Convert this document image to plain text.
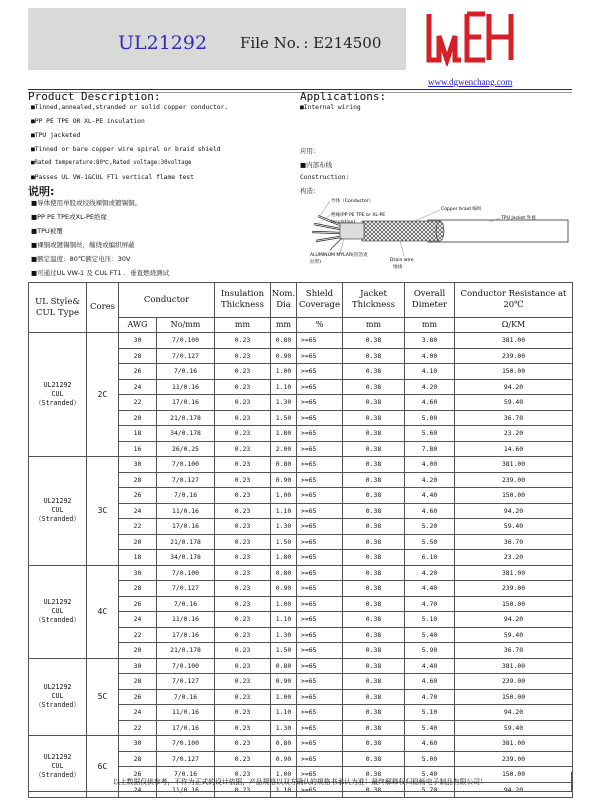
UL21292 File No.  : E214500
www.dgwenchang.com
Product Description:
■Tinned,annealed,stranded or solid copper conductor.
■PP PE TPE OR XL-PE insulation
■TPU jacketed
■Tinned or bare copper wire spiral or braid shield
■Rated temperature:80℃,Rated voltage:30voltage
■Passes UL VW-1&CUL FT1 vertical flame test
说明:
■导体使用单股或绞线裸铜或镀锡铜。
■PP PE TPE或XL-PE绝缘
■TPU被覆
■裸铜或镀锡铜丝，缠绕或编织屏蔽
■额定温度：80℃额定电压：30V
■可通过UL VW-1 及 CUL FT1 ．垂直燃烧测试
Applications:
■Internal wiring
应用：
■内部布线
Construction:
构造：
导体（Conductor）
绝缘(PP PE TPE or XL-PE
Insulation)
Copper braid 编织
TPU Jacket 外被
ALUMINUM MYLAR(铝箔麦
拉带)	Drain wire
地线
UL Style& CUL Type	Cores	Conductor		Insulation Thickness	Nom. Dia	Shield Coverage	Jacket Thickness	Overall Dimeter	Conductor Resistance at 20℃
		AWG	No/mm	mm	mm	%	mm	mm	Ω/KM

UL21292
CUL
（Stranded）	2C	30	7/0.100	0.23	0.80	>=65	0.38	3.80	381.00
		28	7/0.127	0.23	0.90	>=65	0.38	4.00	239.00
		26	7/0.16	0.23	1.00	>=65	0.38	4.10	150.00
		24	11/0.16	0.23	1.10	>=65	0.38	4.20	94.20
		22	17/0.16	0.23	1.30	>=65	0.38	4.60	59.40
		20	21/0.178	0.23	1.50	>=65	0.38	5.00	36.70
		18	34/0.178	0.23	1.80	>=65	0.38	5.60	23.20
		16	26/0.25	0.23	2.00	>=65	0.38	7.80	14.60

UL21292
CUL
（Stranded）	3C	30	7/0.100	0.23	0.80	>=65	0.38	4.00	381.00
		28	7/0.127	0.23	0.90	>=65	0.38	4.20	239.00
		26	7/0.16	0.23	1.00	>=65	0.38	4.40	150.00
		24	11/0.16	0.23	1.10	>=65	0.38	4.60	94.20
		22	17/0.16	0.23	1.30	>=65	0.38	5.20	59.40
		20	21/0.178	0.23	1.50	>=65	0.38	5.50	36.70
		18	34/0.178	0.23	1.80	>=65	0.38	6.10	23.20

UL21292
CUL
（Stranded）	4C	30	7/0.100	0.23	0.80	>=65	0.38	4.20	381.00
		28	7/0.127	0.23	0.90	>=65	0.38	4.40	239.00
		26	7/0.16	0.23	1.00	>=65	0.38	4.70	150.00
		24	11/0.16	0.23	1.10	>=65	0.38	5.10	94.20
		22	17/0.16	0.23	1.30	>=65	0.38	5.40	59.40
		20	21/0.178	0.23	1.50	>=65	0.38	5.90	36.70

UL21292
CUL
（Stranded）	5C	30	7/0.100	0.23	0.80	>=65	0.38	4.40	381.00
		28	7/0.127	0.23	0.90	>=65	0.38	4.60	239.00
		26	7/0.16	0.23	1.00	>=65	0.38	4.70	150.00
		24	11/0.16	0.23	1.10	>=65	0.38	5.10	94.20
		22	17/0.16	0.23	1.30	>=65	0.38	5.40	59.40

UL21292
CUL
（Stranded）	6C	30	7/0.100	0.23	0.80	>=65	0.38	4.60	381.00
		28	7/0.127	0.23	0.90	>=65	0.38	5.00	239.00
		26	7/0.16	0.23	1.00	>=65	0.38	5.40	150.00
		24	11/0.16	0.23	1.10	>=65	0.38	5.70	94.20
以上数据仅供参考，不作为正式的设计依据，产品规格以双方确认的规格书承认为准！最终解释权归稳畅电子制品有限公司！
